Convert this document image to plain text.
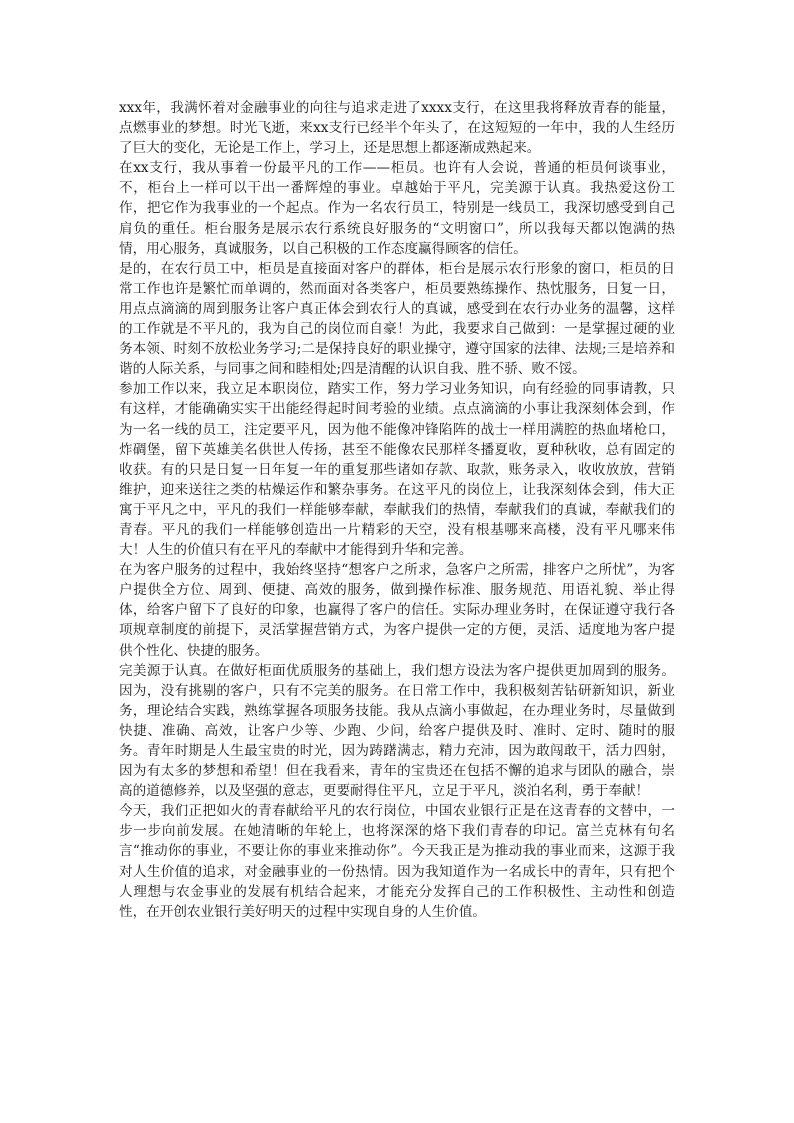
xxx年，我满怀着对金融事业的向往与追求走进了xxxx支行，在这里我将释放青春的能量，点燃事业的梦想。时光飞逝，来xx支行已经半个年头了，在这短短的一年中，我的人生经历了巨大的变化，无论是工作上，学习上，还是思想上都逐渐成熟起来。

在xx支行，我从事着一份最平凡的工作——柜员。也许有人会说，普通的柜员何谈事业，不，柜台上一样可以干出一番辉煌的事业。卓越始于平凡，完美源于认真。我热爱这份工作，把它作为我事业的一个起点。作为一名农行员工，特别是一线员工，我深切感受到自己肩负的重任。柜台服务是展示农行系统良好服务的“文明窗口”，所以我每天都以饱满的热情，用心服务，真诚服务，以自己积极的工作态度赢得顾客的信任。

是的，在农行员工中，柜员是直接面对客户的群体，柜台是展示农行形象的窗口，柜员的日常工作也许是繁忙而单调的，然而面对各类客户，柜员要熟练操作、热忱服务，日复一日，用点点滴滴的周到服务让客户真正体会到农行人的真诚，感受到在农行办业务的温馨，这样的工作就是不平凡的，我为自己的岗位而自豪！为此，我要求自己做到：一是掌握过硬的业务本领、时刻不放松业务学习;二是保持良好的职业操守，遵守国家的法律、法规;三是培养和谐的人际关系，与同事之间和睦相处;四是清醒的认识自我、胜不骄、败不馁。

参加工作以来，我立足本职岗位，踏实工作，努力学习业务知识，向有经验的同事请教，只有这样，才能确确实实干出能经得起时间考验的业绩。点点滴滴的小事让我深刻体会到，作为一名一线的员工，注定要平凡，因为他不能像冲锋陷阵的战士一样用满腔的热血堵枪口，炸碉堡，留下英雄美名供世人传扬，甚至不能像农民那样冬播夏收，夏种秋收，总有固定的收获。有的只是日复一日年复一年的重复那些诸如存款、取款，账务录入，收收放放，营销维护，迎来送往之类的枯燥运作和繁杂事务。在这平凡的岗位上，让我深刻体会到，伟大正寓于平凡之中，平凡的我们一样能够奉献，奉献我们的热情，奉献我们的真诚，奉献我们的青春。平凡的我们一样能够创造出一片精彩的天空，没有根基哪来高楼，没有平凡哪来伟大！人生的价值只有在平凡的奉献中才能得到升华和完善。

在为客户服务的过程中，我始终坚持“想客户之所求，急客户之所需，排客户之所忧”，为客户提供全方位、周到、便捷、高效的服务，做到操作标准、服务规范、用语礼貌、举止得体，给客户留下了良好的印象，也赢得了客户的信任。实际办理业务时，在保证遵守我行各项规章制度的前提下，灵活掌握营销方式，为客户提供一定的方便，灵活、适度地为客户提供个性化、快捷的服务。

完美源于认真。在做好柜面优质服务的基础上，我们想方设法为客户提供更加周到的服务。因为，没有挑剔的客户，只有不完美的服务。在日常工作中，我积极刻苦钻研新知识，新业务，理论结合实践，熟练掌握各项服务技能。我从点滴小事做起，在办理业务时，尽量做到快捷、准确、高效，让客户少等、少跑、少问，给客户提供及时、准时、定时、随时的服务。青年时期是人生最宝贵的时光，因为踌躇满志，精力充沛，因为敢闯敢干，活力四射，因为有太多的梦想和希望！但在我看来，青年的宝贵还在包括不懈的追求与团队的融合，崇高的道德修养，以及坚强的意志，更要耐得住平凡，立足于平凡，淡泊名利，勇于奉献！

今天，我们正把如火的青春献给平凡的农行岗位，中国农业银行正是在这青春的文替中，一步一步向前发展。在她清晰的年轮上，也将深深的烙下我们青春的印记。富兰克林有句名言“推动你的事业，不要让你的事业来推动你”。今天我正是为推动我的事业而来，这源于我对人生价值的追求，对金融事业的一份热情。因为我知道作为一名成长中的青年，只有把个人理想与农金事业的发展有机结合起来，才能充分发挥自己的工作积极性、主动性和创造性，在开创农业银行美好明天的过程中实现自身的人生价值。
